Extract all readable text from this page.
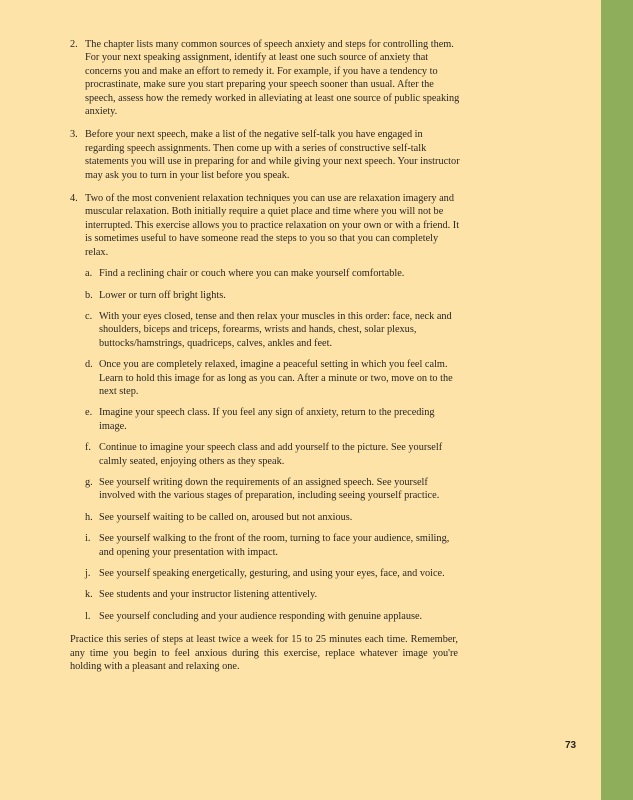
2. The chapter lists many common sources of speech anxiety and steps for controlling them. For your next speaking assignment, identify at least one such source of anxiety that concerns you and make an effort to remedy it. For example, if you have a tendency to procrastinate, make sure you start preparing your speech sooner than usual. After the speech, assess how the remedy worked in alleviating at least one source of public speaking anxiety.
3. Before your next speech, make a list of the negative self-talk you have engaged in regarding speech assignments. Then come up with a series of constructive self-talk statements you will use in preparing for and while giving your next speech. Your instructor may ask you to turn in your list before you speak.
4. Two of the most convenient relaxation techniques you can use are relaxation imagery and muscular relaxation. Both initially require a quiet place and time where you will not be interrupted. This exercise allows you to practice relaxation on your own or with a friend. It is sometimes useful to have someone read the steps to you so that you can completely relax.
a. Find a reclining chair or couch where you can make yourself comfortable.
b. Lower or turn off bright lights.
c. With your eyes closed, tense and then relax your muscles in this order: face, neck and shoulders, biceps and triceps, forearms, wrists and hands, chest, solar plexus, buttocks/hamstrings, quadriceps, calves, ankles and feet.
d. Once you are completely relaxed, imagine a peaceful setting in which you feel calm. Learn to hold this image for as long as you can. After a minute or two, move on to the next step.
e. Imagine your speech class. If you feel any sign of anxiety, return to the preceding image.
f. Continue to imagine your speech class and add yourself to the picture. See yourself calmly seated, enjoying others as they speak.
g. See yourself writing down the requirements of an assigned speech. See yourself involved with the various stages of preparation, including seeing yourself practice.
h. See yourself waiting to be called on, aroused but not anxious.
i. See yourself walking to the front of the room, turning to face your audience, smiling, and opening your presentation with impact.
j. See yourself speaking energetically, gesturing, and using your eyes, face, and voice.
k. See students and your instructor listening attentively.
l. See yourself concluding and your audience responding with genuine applause.
Practice this series of steps at least twice a week for 15 to 25 minutes each time. Remember, any time you begin to feel anxious during this exercise, replace whatever image you're holding with a pleasant and relaxing one.
73
